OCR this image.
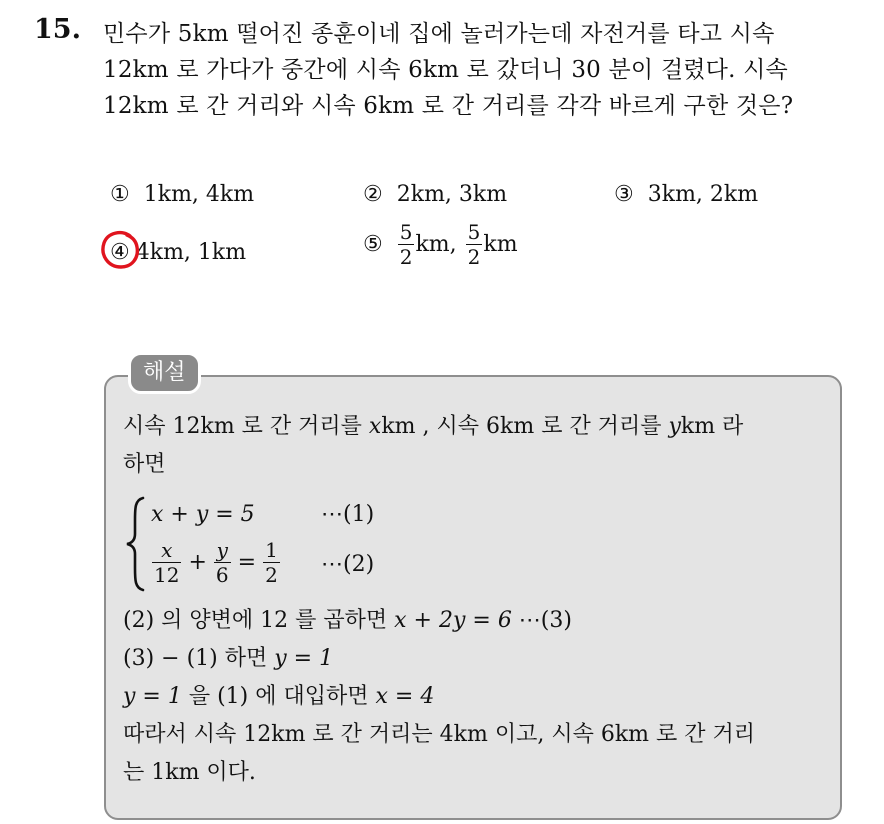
15. 민수가 5km 떨어진 종훈이네 집에 놀러가는데 자전거를 타고 시속
12km 로 가다가 중간에 시속 6km 로 갔더니 30 분이 걸렸다. 시속
12km 로 간 거리와 시속 6km 로 간 거리를 각각 바르게 구한 것은?
① 1km, 4km	② 2km, 3km	③ 3km, 2km
④ 4km, 1km	⑤ $\frac{5}{2}$ km, $\frac{5}{2}$ km
해설
시속 12km 로 간 거리를 xkm , 시속 6km 로 간 거리를 ykm 라
하면
x + y = 5	⋯(1)
$\frac{x}{12} + \frac{y}{6} = \frac{1}{2}$ ⋯(2)
(2) 의 양변에 12 를 곱하면 x + 2y = 6 ⋯(3)
(3) − (1) 하면 y = 1
y = 1 을 (1) 에 대입하면 x = 4
따라서 시속 12km 로 간 거리는 4km 이고, 시속 6km 로 간 거리
는 1km 이다.
